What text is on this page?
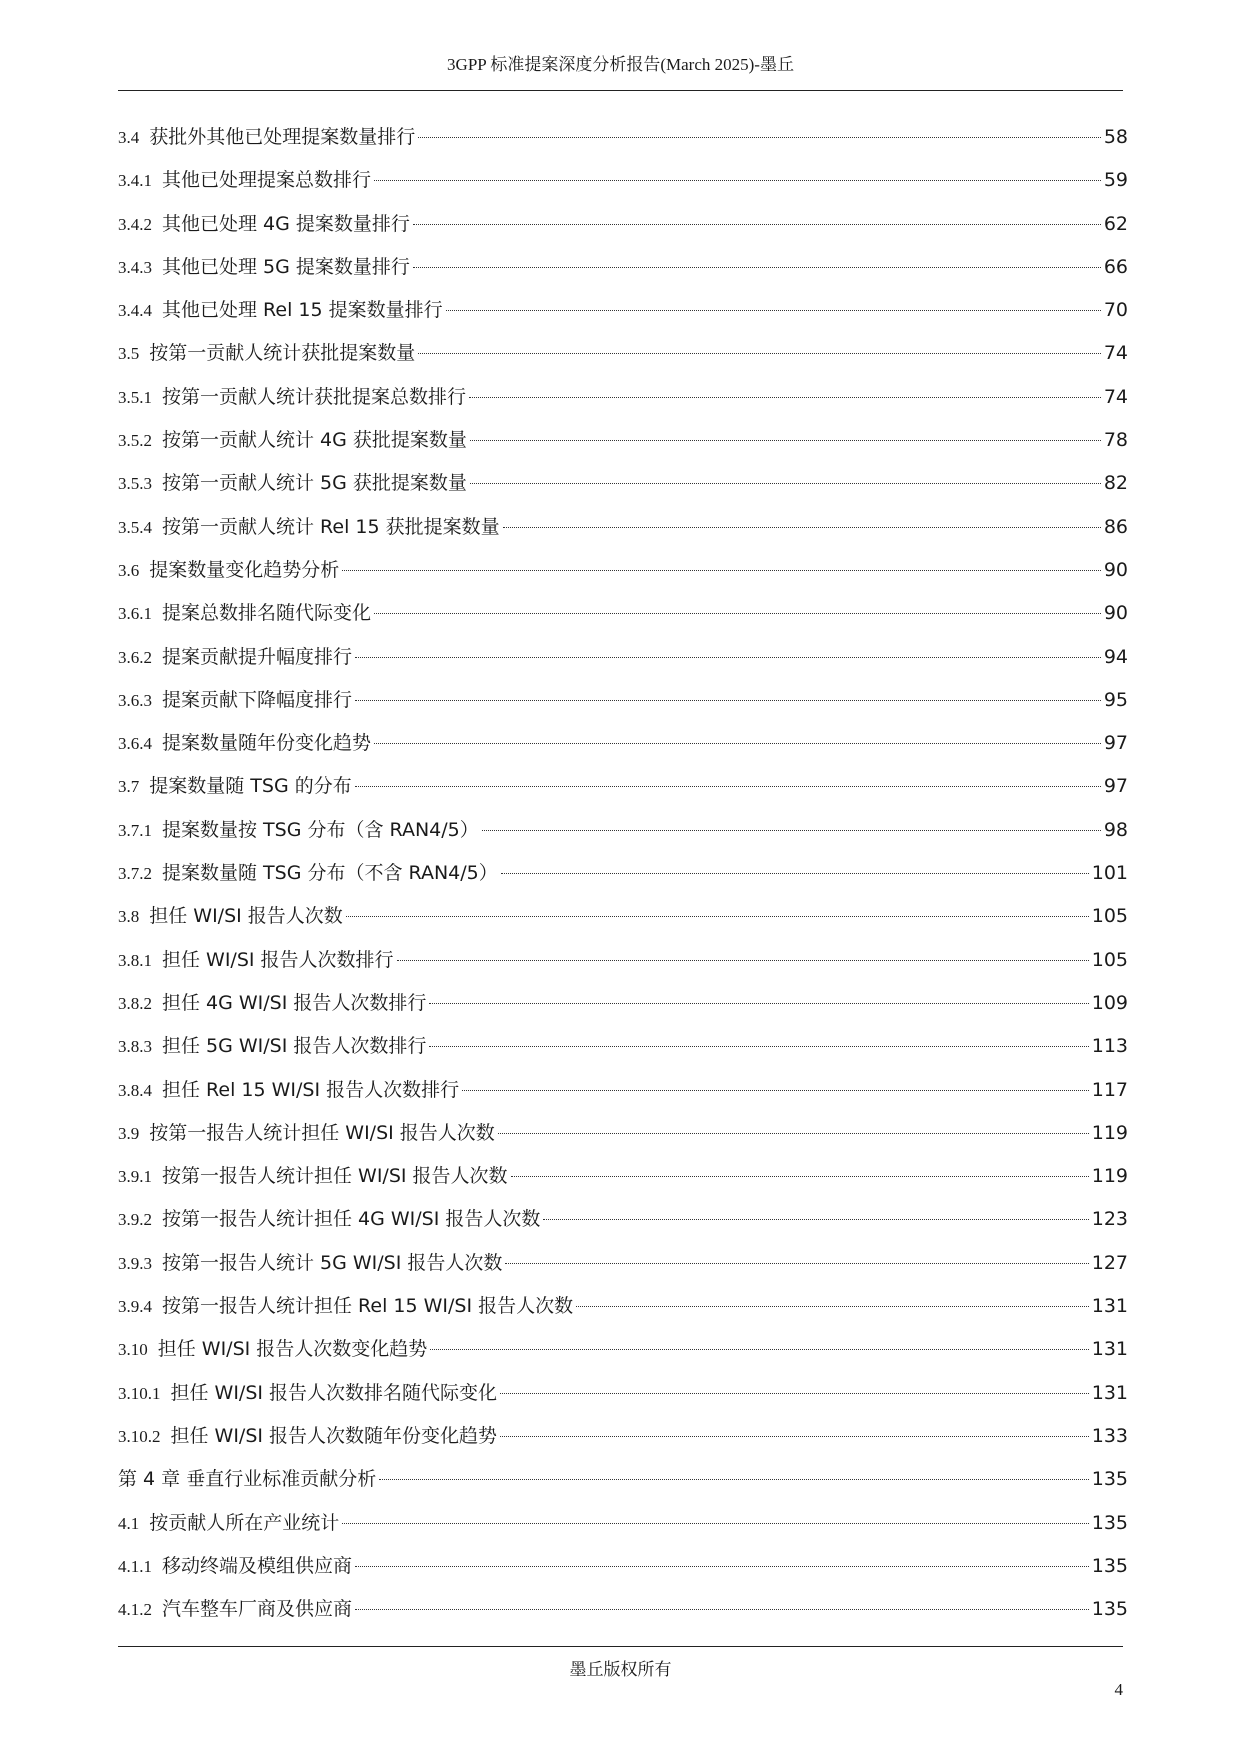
3GPP 标准提案深度分析报告(March 2025)-墨丘
3.4 获批外其他已处理提案数量排行	58
3.4.1 其他已处理提案总数排行	59
3.4.2 其他已处理 4G 提案数量排行	62
3.4.3 其他已处理 5G 提案数量排行	66
3.4.4 其他已处理 Rel 15 提案数量排行	70
3.5 按第一贡献人统计获批提案数量	74
3.5.1 按第一贡献人统计获批提案总数排行	74
3.5.2 按第一贡献人统计 4G 获批提案数量	78
3.5.3 按第一贡献人统计 5G 获批提案数量	82
3.5.4 按第一贡献人统计 Rel 15 获批提案数量	86
3.6 提案数量变化趋势分析	90
3.6.1 提案总数排名随代际变化	90
3.6.2 提案贡献提升幅度排行	94
3.6.3 提案贡献下降幅度排行	95
3.6.4 提案数量随年份变化趋势	97
3.7 提案数量随 TSG 的分布	97
3.7.1 提案数量按 TSG 分布（含 RAN4/5）	98
3.7.2 提案数量随 TSG 分布（不含 RAN4/5）	101
3.8 担任 WI/SI 报告人次数	105
3.8.1 担任 WI/SI 报告人次数排行	105
3.8.2 担任 4G WI/SI 报告人次数排行	109
3.8.3 担任 5G WI/SI 报告人次数排行	113
3.8.4 担任 Rel 15 WI/SI 报告人次数排行	117
3.9 按第一报告人统计担任 WI/SI 报告人次数	119
3.9.1 按第一报告人统计担任 WI/SI 报告人次数	119
3.9.2 按第一报告人统计担任 4G WI/SI 报告人次数	123
3.9.3 按第一报告人统计 5G WI/SI 报告人次数	127
3.9.4 按第一报告人统计担任 Rel 15 WI/SI 报告人次数	131
3.10 担任 WI/SI 报告人次数变化趋势	131
3.10.1 担任 WI/SI 报告人次数排名随代际变化	131
3.10.2 担任 WI/SI 报告人次数随年份变化趋势	133
第 4 章 垂直行业标准贡献分析	135
4.1 按贡献人所在产业统计	135
4.1.1 移动终端及模组供应商	135
4.1.2 汽车整车厂商及供应商	135
墨丘版权所有
4
